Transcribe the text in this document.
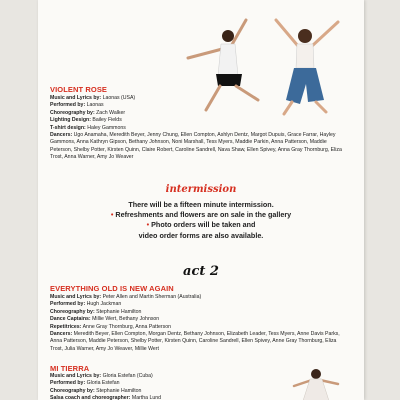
VIOLENT ROSE
Music and Lyrics by: Laonas (USA)
Performed by: Laonas
Choreography by: Zach Walker
Lighting Design: Bailey Fields
T-shirt design: Haley Gammons
Dancers: Ugo Anamaha, Meredith Beyer, Jenny Chung, Ellen Compton, Ashlyn Dentz, Margot Dupuis, Grace Farrar, Hayley Gammons, Anna Kathryn Gipson, Bethany Johnson, Noni Marshall, Tess Myers, Maddie Parkin, Anna Patterson, Maddie Peterson, Shelby Potter, Kirsten Quinn, Claire Robert, Caroline Sandrell, Nava Shaw, Ellen Spivey, Anna Gray Thornburg, Eliza Trost, Anna Warner, Amy Jo Weaver
intermission
There will be a fifteen minute intermission.
• Refreshments and flowers are on sale in the gallery
• Photo orders will be taken and
video order forms are also available.
act 2
EVERYTHING OLD IS NEW AGAIN
Music and Lyrics by: Peter Allen and Martin Sherman (Australia)
Performed by: Hugh Jackman
Choreography by: Stephanie Hamilton
Dance Captains: Millie Wert, Bethany Johnson
Repetitrices: Anne Gray Thornburg, Anna Patterson
Dancers: Meredith Beyer, Ellen Compton, Morgan Dentz, Bethany Johnson, Elizabeth Leader, Tess Myers, Anne Davis Parks, Anna Patterson, Maddie Peterson, Shelby Potter, Kirsten Quinn, Caroline Sandrell, Ellen Spivey, Anne Gray Thornburg, Eliza Trost, Julia Warner, Amy Jo Weaver, Millie Wert
MI TIERRA
Music and Lyrics by: Gloria Estefan (Cuba)
Performed by: Gloria Estefan
Choreography by: Stephanie Hamilton
Salsa coach and choreographer: Martha Lund
